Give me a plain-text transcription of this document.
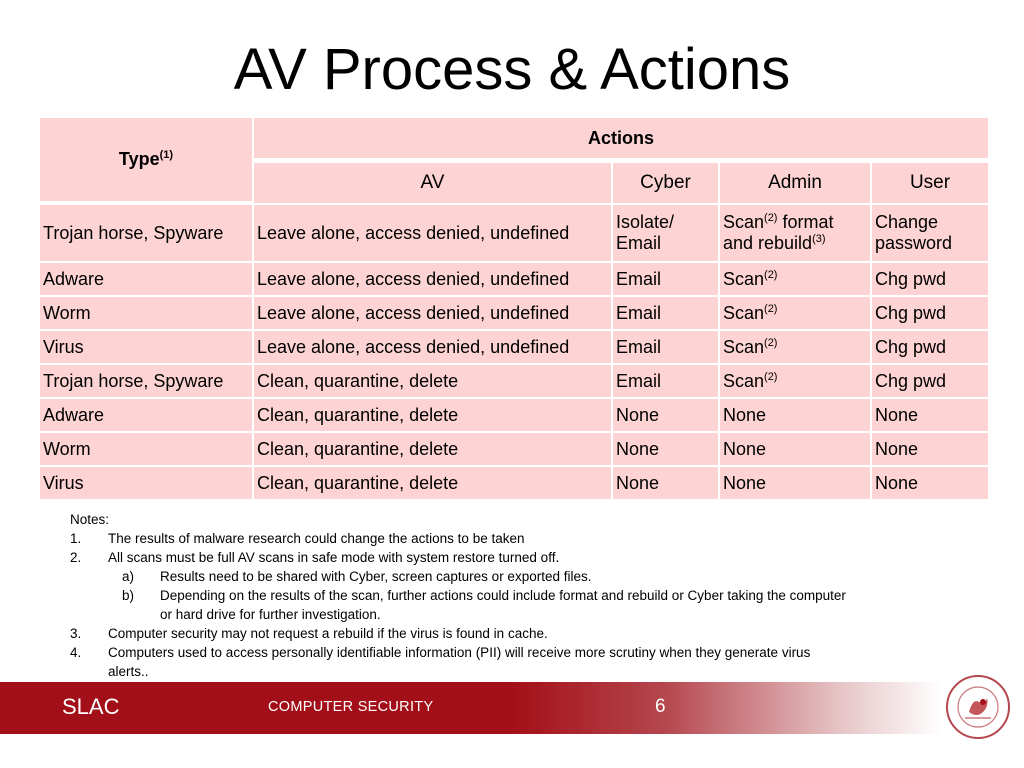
AV Process & Actions
Type$^{(1)}$	Actions			
	AV	Cyber	Admin	User
Trojan horse, Spyware	Leave alone, access denied, undefined	Isolate/ Email	Scan$^{(2)}$ format and rebuild$^{(3)}$	Change password
Adware	Leave alone, access denied, undefined	Email	Scan$^{(2)}$	Chg pwd
Worm	Leave alone, access denied, undefined	Email	Scan$^{(2)}$	Chg pwd
Virus	Leave alone, access denied, undefined	Email	Scan$^{(2)}$	Chg pwd
Trojan horse, Spyware	Clean, quarantine, delete	Email	Scan$^{(2)}$	Chg pwd
Adware	Clean, quarantine, delete	None	None	None
Worm	Clean, quarantine, delete	None	None	None
Virus	Clean, quarantine, delete	None	None	None
Notes:
1. The results of malware research could change the actions to be taken
2. All scans must be full AV scans in safe mode with system restore turned off.
a) Results need to be shared with Cyber, screen captures or exported files.
b) Depending on the results of the scan, further actions could include format and rebuild or Cyber taking the computer
or hard drive for further investigation.
3. Computer security may not request a rebuild if the virus is found in cache.
4. Computers used to access personally identifiable information (PII) will receive more scrutiny when they generate virus
alerts..
SLAC	COMPUTER SECURITY	6
